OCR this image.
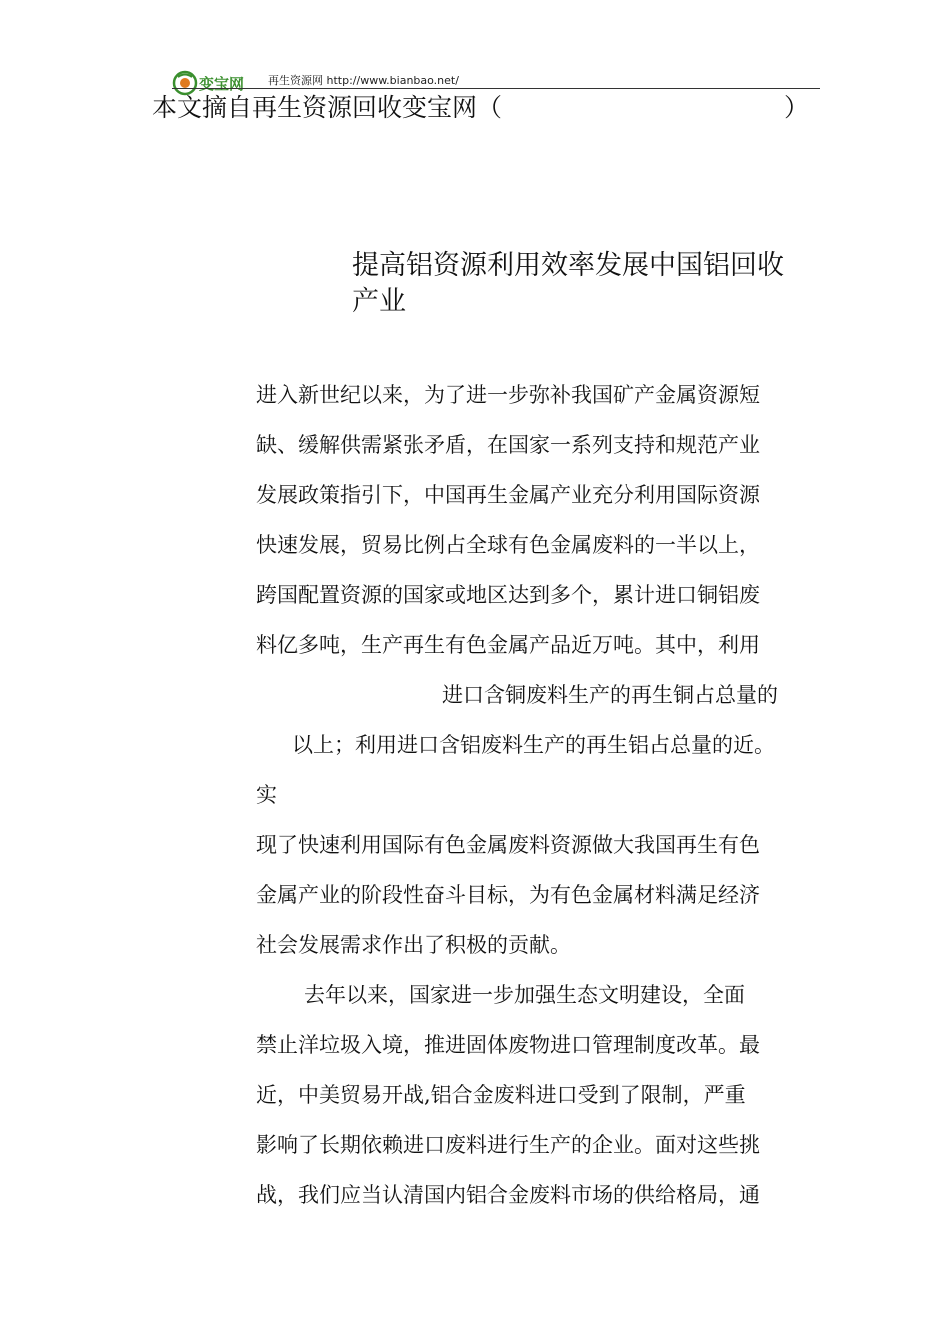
变宝网 再生资源网 http://www.bianbao.net/
本文摘自再生资源回收变宝网（	）
提高铝资源利用效率发展中国铝回收
产业
进入新世纪以来，为了进一步弥补我国矿产金属资源短
缺、缓解供需紧张矛盾，在国家一系列支持和规范产业
发展政策指引下，中国再生金属产业充分利用国际资源
快速发展，贸易比例占全球有色金属废料的一半以上，
跨国配置资源的国家或地区达到多个，累计进口铜铝废
料亿多吨，生产再生有色金属产品近万吨。其中，利用
进口含铜废料生产的再生铜占总量的
以上；利用进口含铝废料生产的再生铝占总量的近。
实
现了快速利用国际有色金属废料资源做大我国再生有色
金属产业的阶段性奋斗目标，为有色金属材料满足经济
社会发展需求作出了积极的贡献。
去年以来，国家进一步加强生态文明建设，全面
禁止洋垃圾入境，推进固体废物进口管理制度改革。最
近，中美贸易开战,铝合金废料进口受到了限制，严重
影响了长期依赖进口废料进行生产的企业。面对这些挑
战，我们应当认清国内铝合金废料市场的供给格局，通
